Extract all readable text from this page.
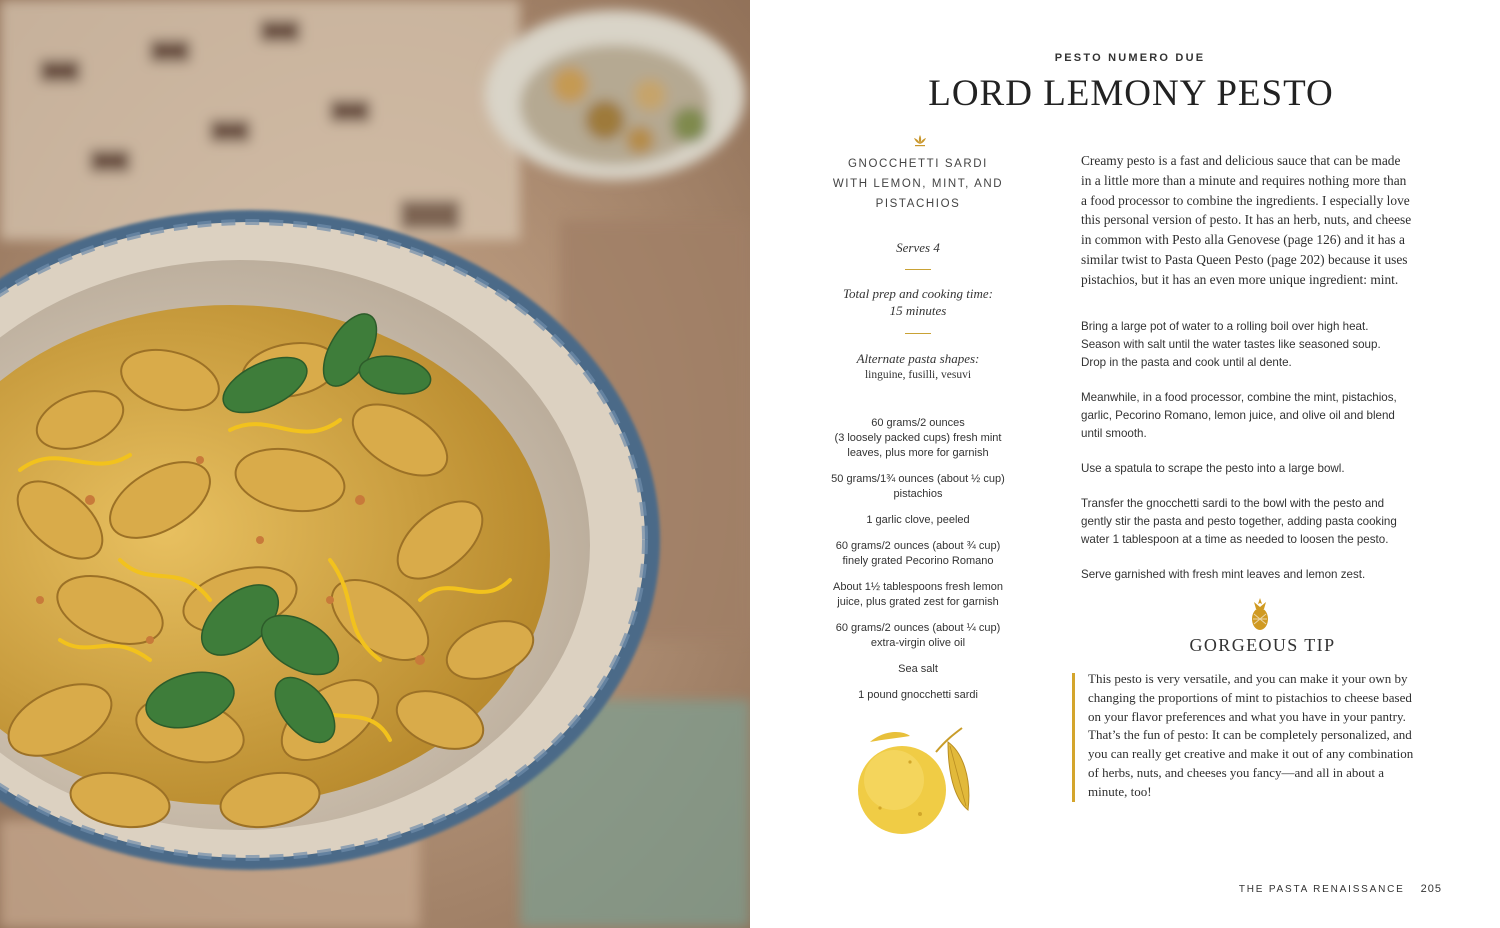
PESTO NUMERO DUE
LORD LEMONY PESTO
GNOCCHETTI SARDI
WITH LEMON, MINT, AND
PISTACHIOS
Serves 4
Total prep and cooking time:
15 minutes
Alternate pasta shapes:
linguine, fusilli, vesuvi
60 grams/2 ounces
(3 loosely packed cups) fresh mint
leaves, plus more for garnish
50 grams/1¾ ounces (about ½ cup)
pistachios
1 garlic clove, peeled
60 grams/2 ounces (about ¾ cup)
finely grated Pecorino Romano
About 1½ tablespoons fresh lemon
juice, plus grated zest for garnish
60 grams/2 ounces (about ¼ cup)
extra-virgin olive oil
Sea salt
1 pound gnocchetti sardi
Creamy pesto is a fast and delicious sauce that can be made
in a little more than a minute and requires nothing more than
a food processor to combine the ingredients. I especially love
this personal version of pesto. It has an herb, nuts, and cheese
in common with Pesto alla Genovese (page 126) and it has a
similar twist to Pasta Queen Pesto (page 202) because it uses
pistachios, but it has an even more unique ingredient: mint.

Bring a large pot of water to a rolling boil over high heat.
Season with salt until the water tastes like seasoned soup.
Drop in the pasta and cook until al dente.

Meanwhile, in a food processor, combine the mint, pistachios,
garlic, Pecorino Romano, lemon juice, and olive oil and blend
until smooth.

Use a spatula to scrape the pesto into a large bowl.

Transfer the gnocchetti sardi to the bowl with the pesto and
gently stir the pasta and pesto together, adding pasta cooking
water 1 tablespoon at a time as needed to loosen the pesto.

Serve garnished with fresh mint leaves and lemon zest.

GORGEOUS TIP
This pesto is very versatile, and you can make it your own by
changing the proportions of mint to pistachios to cheese based
on your flavor preferences and what you have in your pantry.
That’s the fun of pesto: It can be completely personalized, and
you can really get creative and make it out of any combination
of herbs, nuts, and cheeses you fancy—and all in about a
minute, too!
THE PASTA RENAISSANCE 205
